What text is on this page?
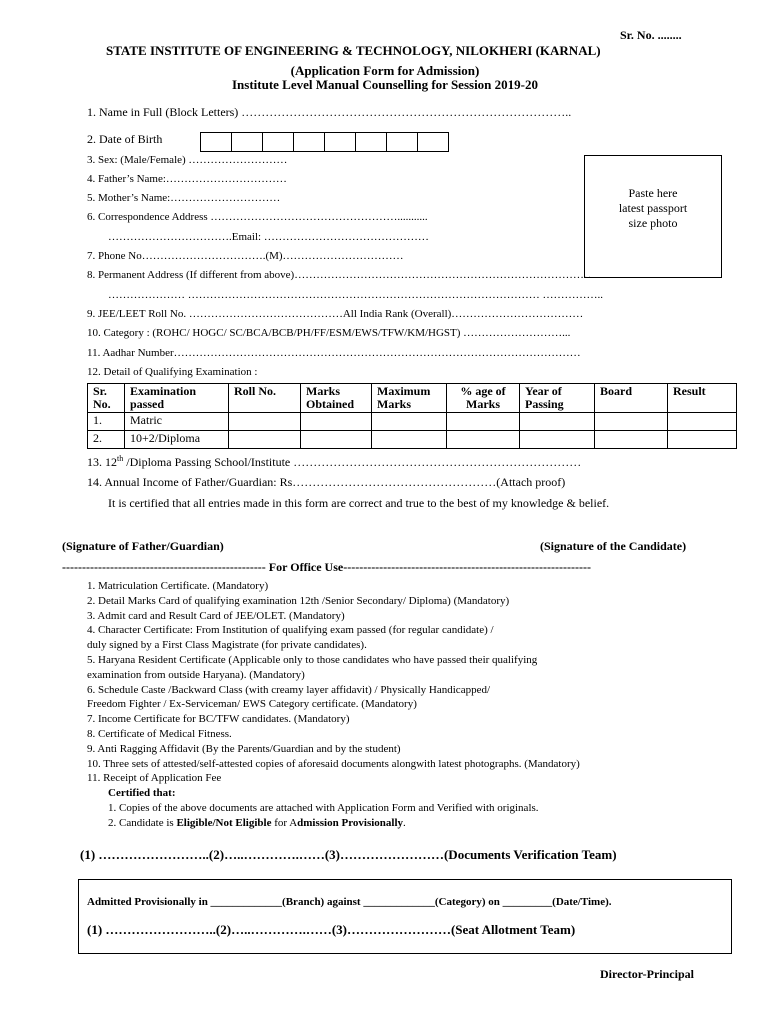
Sr. No. ........
STATE INSTITUTE OF ENGINEERING & TECHNOLOGY, NILOKHERI (KARNAL)
(Application Form for Admission)
Institute Level Manual Counselling for Session 2019-20
1. Name in Full (Block Letters) ………………………………………………………………………..
2. Date of Birth
3. Sex: (Male/Female) ………………………
4. Father’s Name:……………………………
5. Mother’s Name:…………………………
6. Correspondence Address ……………………………………………...........
…………………………….Email: ………………………………………
Paste here
latest passport
size photo
7. Phone No…………………………….(M)……………………………
8. Permanent Address (If different from above)………………………………………………………………………
………………… …………………………………………………………………………………… ……………..
9. JEE/LEET Roll No. ……………………………………All India Rank (Overall)………………………………
10. Category : (ROHC/ HOGC/ SC/BCA/BCB/PH/FF/ESM/EWS/TFW/KM/HGST) ………………………...
11. Aadhar Number…………………………………………………………………………………………………
12. Detail of Qualifying Examination :
Sr. No.	Examination passed	Roll No.	Marks Obtained	Maximum Marks	% age of Marks	Year of Passing	Board	Result
1.	Matric							
2.	10+2/Diploma							
13. 12th /Diploma Passing School/Institute ………………………………………………………………
14. Annual Income of Father/Guardian: Rs……………………………………………(Attach proof)
It is certified that all entries made in this form are correct and true to the best of my knowledge & belief.
(Signature of Father/Guardian)	(Signature of the Candidate)
--------------------------------------------------- For Office Use--------------------------------------------------------------
1. Matriculation Certificate. (Mandatory)
2. Detail Marks Card of qualifying examination 12th /Senior Secondary/ Diploma) (Mandatory)
3. Admit card and Result Card of JEE/OLET. (Mandatory)
4. Character Certificate: From Institution of qualifying exam passed (for regular candidate) /
duly signed by a First Class Magistrate (for private candidates).
5. Haryana Resident Certificate (Applicable only to those candidates who have passed their qualifying
examination from outside Haryana). (Mandatory)
6. Schedule Caste /Backward Class (with creamy layer affidavit) / Physically Handicapped/
Freedom Fighter / Ex-Serviceman/ EWS Category certificate. (Mandatory)
7. Income Certificate for BC/TFW candidates. (Mandatory)
8. Certificate of Medical Fitness.
9. Anti Ragging Affidavit (By the Parents/Guardian and by the student)
10. Three sets of attested/self-attested copies of aforesaid documents alongwith latest photographs. (Mandatory)
11. Receipt of Application Fee
Certified that:
1. Copies of the above documents are attached with Application Form and Verified with originals.
2. Candidate is Eligible/Not Eligible for Admission Provisionally.
(1) ……………………..(2)…..………….……(3)……………………(Documents Verification Team)
Admitted Provisionally in _____________(Branch) against _____________(Category) on _________(Date/Time).
(1) ……………………..(2)…..………….……(3)……………………(Seat Allotment Team)
Director-Principal
